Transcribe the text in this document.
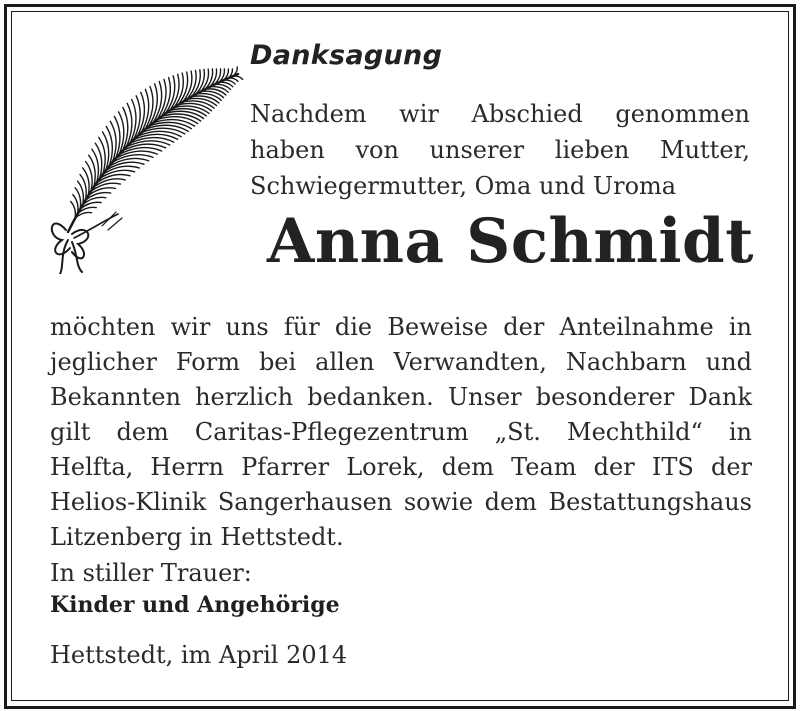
Danksagung
Nachdem wir Abschied genommen
haben von unserer lieben Mutter,
Schwiegermutter, Oma und Uroma
Anna Schmidt
möchten wir uns für die Beweise der Anteilnahme in
jeglicher Form bei allen Verwandten, Nachbarn und
Bekannten herzlich bedanken. Unser besonderer Dank
gilt dem Caritas-Pflegezentrum „St. Mechthild“ in
Helfta, Herrn Pfarrer Lorek, dem Team der ITS der
Helios-Klinik Sangerhausen sowie dem Bestattungshaus
Litzenberg in Hettstedt.
In stiller Trauer:
Kinder und Angehörige
Hettstedt, im April 2014
